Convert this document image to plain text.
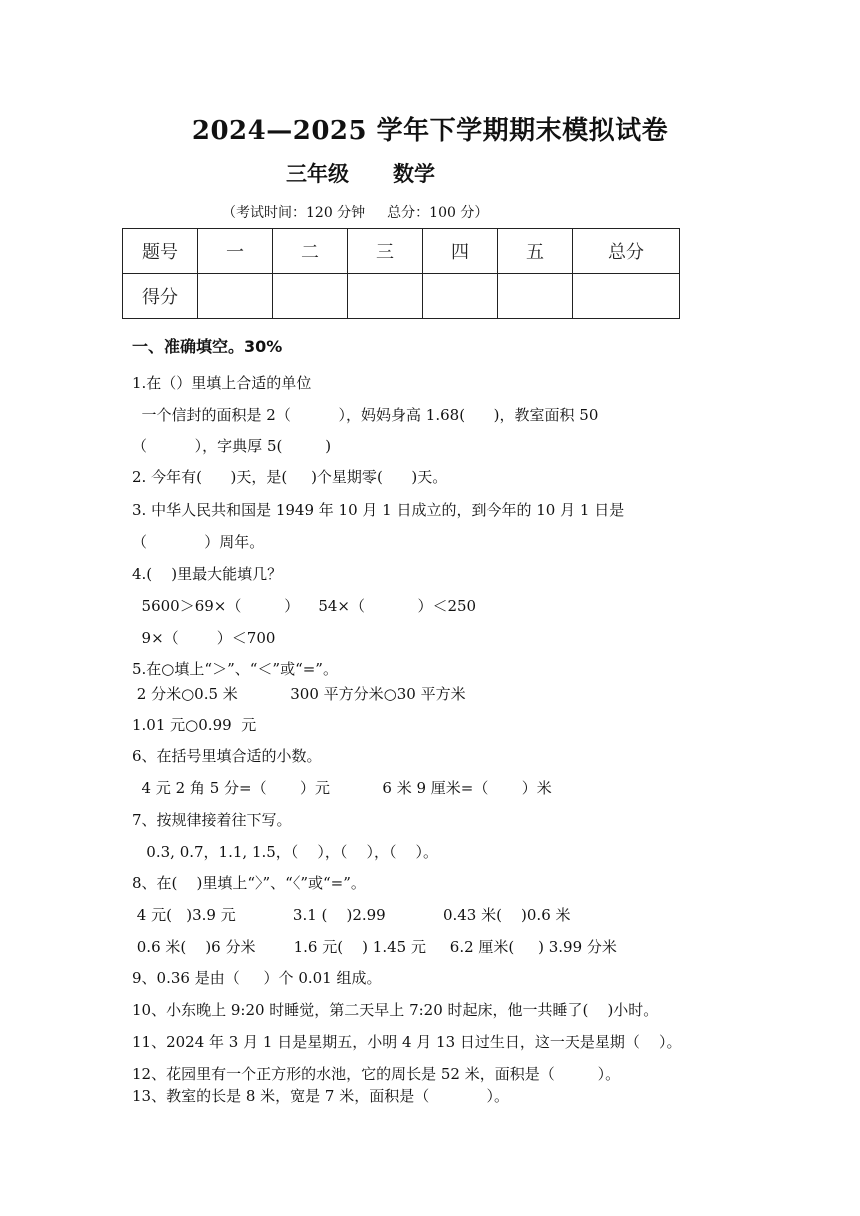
2024—2025 学年下学期期末模拟试卷
三年级 数学
（考试时间：120 分钟 总分：100 分）
题号	一	二	三	四	五	总分
得分						
一、准确填空。30%
1.在（）里填上合适的单位
一个信封的面积是 2（          ），妈妈身高 1.68(      )，教室面积 50
（          ），字典厚 5(         )
2. 今年有(      )天，是(     )个星期零(      )天。
3. 中华人民共和国是 1949 年 10 月 1 日成立的，到今年的 10 月 1 日是
（            ）周年。
4.(    )里最大能填几？
5600＞69×（         ）    54×（           ）＜250
9×（        ）＜700
5.在○填上“＞”、“＜”或“=”。
2 分米○0.5 米           300 平方分米○30 平方米
1.01 元○0.99  元
6、在括号里填合适的小数。
4 元 2 角 5 分=（       ）元           6 米 9 厘米=（       ）米
7、按规律接着往下写。
0.3, 0.7，1.1, 1.5，（    ），（    ），（    ）。
8、在(    )里填上“〉”、“〈”或“=”。
4 元(   )3.9 元            3.1 (    )2.99            0.43 米(    )0.6 米
0.6 米(    )6 分米        1.6 元(    ) 1.45 元     6.2 厘米(     ) 3.99 分米
9、0.36 是由（     ）个 0.01 组成。
10、小东晚上 9:20 时睡觉，第二天早上 7:20 时起床，他一共睡了(    )小时。
11、2024 年 3 月 1 日是星期五，小明 4 月 13 日过生日，这一天是星期（    ）。
12、花园里有一个正方形的水池，它的周长是 52 米，面积是（         ）。
13、教室的长是 8 米，宽是 7 米，面积是（            ）。
